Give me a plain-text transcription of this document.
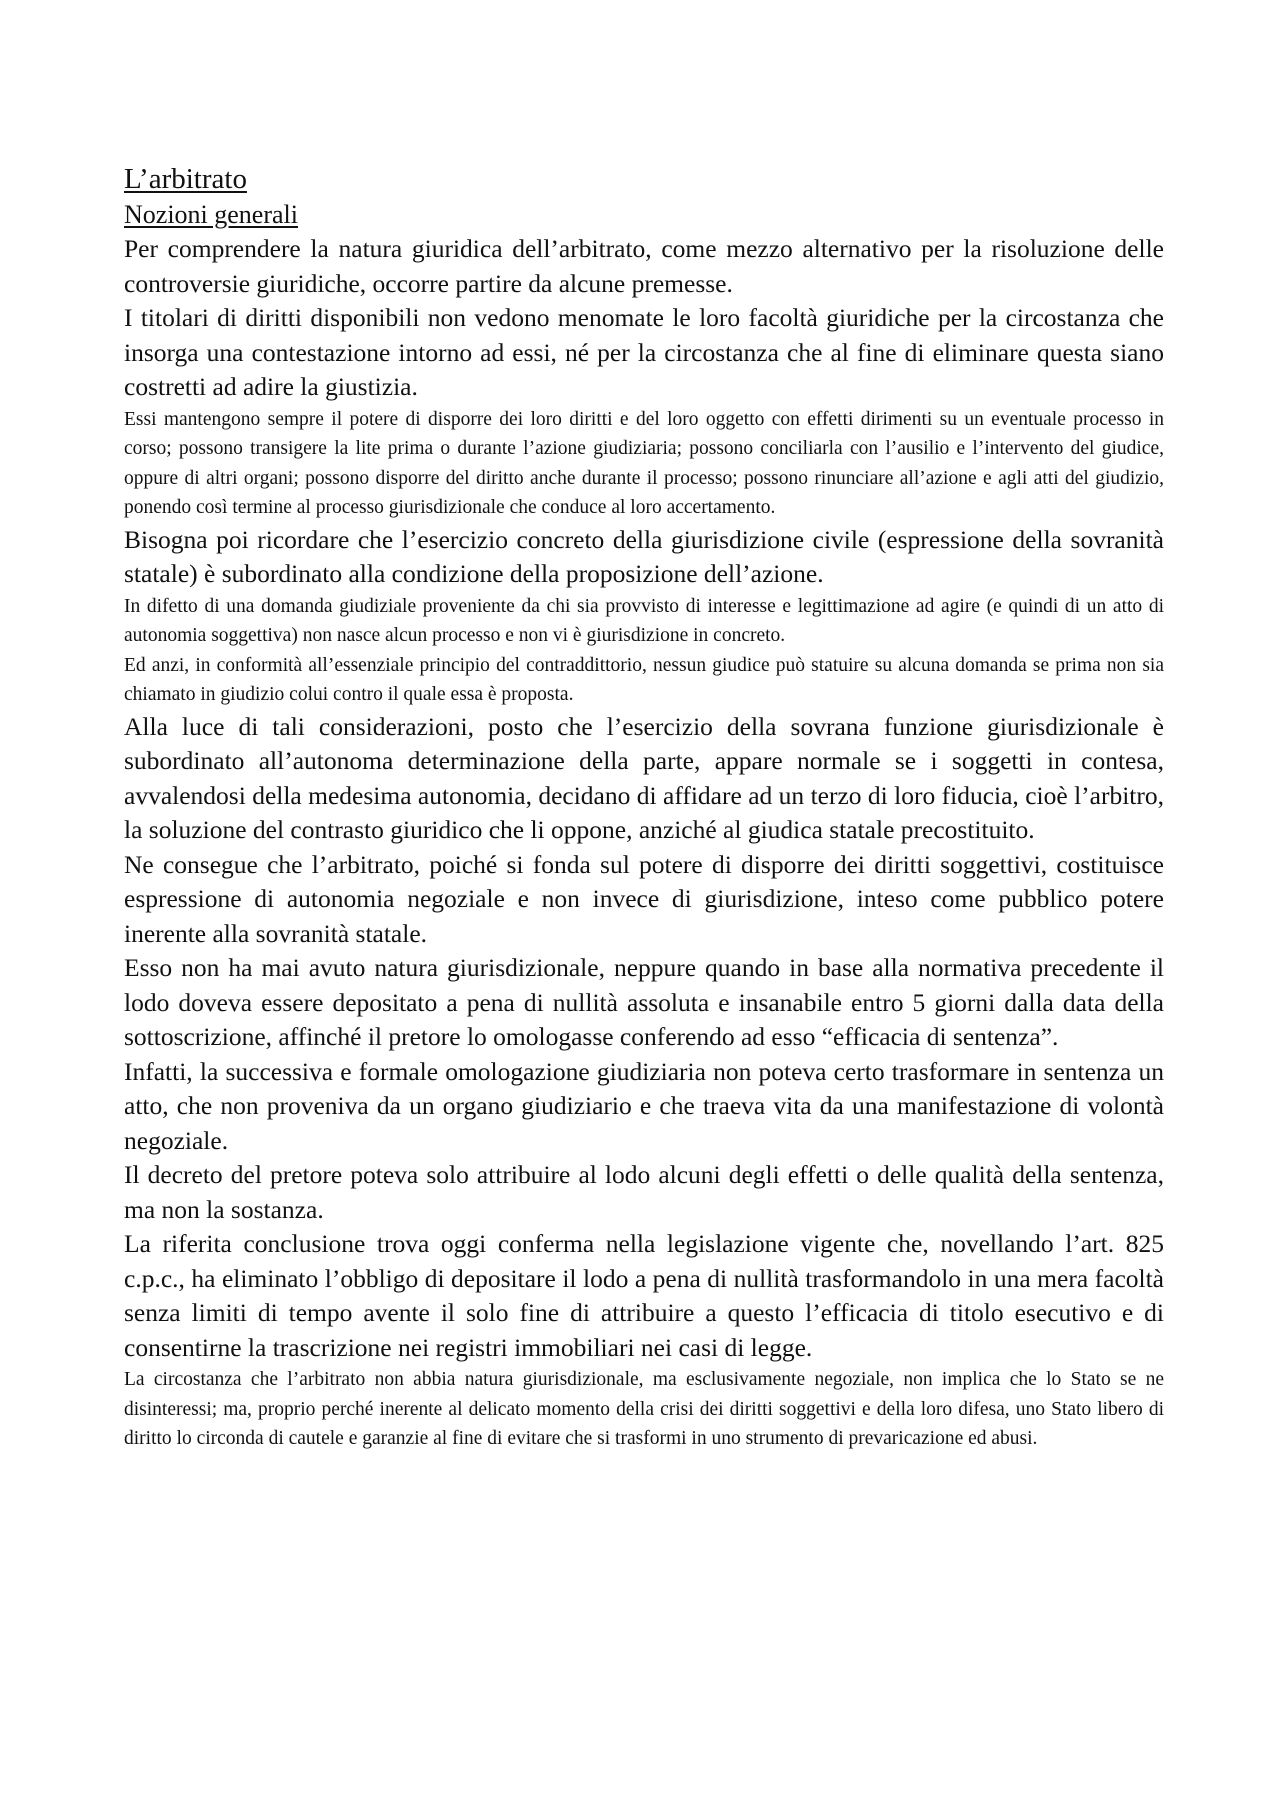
L’arbitrato
Nozioni generali

Per comprendere la natura giuridica dell’arbitrato, come mezzo alternativo per la risoluzione delle controversie giuridiche, occorre partire da alcune premesse.

I titolari di diritti disponibili non vedono menomate le loro facoltà giuridiche per la circostanza che insorga una contestazione intorno ad essi, né per la circostanza che al fine di eliminare questa siano costretti ad adire la giustizia.

Essi mantengono sempre il potere di disporre dei loro diritti e del loro oggetto con effetti dirimenti su un eventuale processo in corso; possono transigere la lite prima o durante l’azione giudiziaria; possono conciliarla con l’ausilio e l’intervento del giudice, oppure di altri organi; possono disporre del diritto anche durante il processo; possono rinunciare all’azione e agli atti del giudizio, ponendo così termine al processo giurisdizionale che conduce al loro accertamento.

Bisogna poi ricordare che l’esercizio concreto della giurisdizione civile (espressione della sovranità statale) è subordinato alla condizione della proposizione dell’azione.

In difetto di una domanda giudiziale proveniente da chi sia provvisto di interesse e legittimazione ad agire (e quindi di un atto di autonomia soggettiva) non nasce alcun processo e non vi è giurisdizione in concreto.

Ed anzi, in conformità all’essenziale principio del contraddittorio, nessun giudice può statuire su alcuna domanda se prima non sia chiamato in giudizio colui contro il quale essa è proposta.

Alla luce di tali considerazioni, posto che l’esercizio della sovrana funzione giurisdizionale è subordinato all’autonoma determinazione della parte, appare normale se i soggetti in contesa, avvalendosi della medesima autonomia, decidano di affidare ad un terzo di loro fiducia, cioè l’arbitro, la soluzione del contrasto giuridico che li oppone, anziché al giudica statale precostituito.

Ne consegue che l’arbitrato, poiché si fonda sul potere di disporre dei diritti soggettivi, costituisce espressione di autonomia negoziale e non invece di giurisdizione, inteso come pubblico potere inerente alla sovranità statale.

Esso non ha mai avuto natura giurisdizionale, neppure quando in base alla normativa precedente il lodo doveva essere depositato a pena di nullità assoluta e insanabile entro 5 giorni dalla data della sottoscrizione, affinché il pretore lo omologasse conferendo ad esso “efficacia di sentenza”.

Infatti, la successiva e formale omologazione giudiziaria non poteva certo trasformare in sentenza un atto, che non proveniva da un organo giudiziario e che traeva vita da una manifestazione di volontà negoziale.

Il decreto del pretore poteva solo attribuire al lodo alcuni degli effetti o delle qualità della sentenza, ma non la sostanza.

La riferita conclusione trova oggi conferma nella legislazione vigente che, novellando l’art. 825 c.p.c., ha eliminato l’obbligo di depositare il lodo a pena di nullità trasformandolo in una mera facoltà senza limiti di tempo avente il solo fine di attribuire a questo l’efficacia di titolo esecutivo e di consentirne la trascrizione nei registri immobiliari nei casi di legge.

La circostanza che l’arbitrato non abbia natura giurisdizionale, ma esclusivamente negoziale, non implica che lo Stato se ne disinteressi; ma, proprio perché inerente al delicato momento della crisi dei diritti soggettivi e della loro difesa, uno Stato libero di diritto lo circonda di cautele e garanzie al fine di evitare che si trasformi in uno strumento di prevaricazione ed abusi.
